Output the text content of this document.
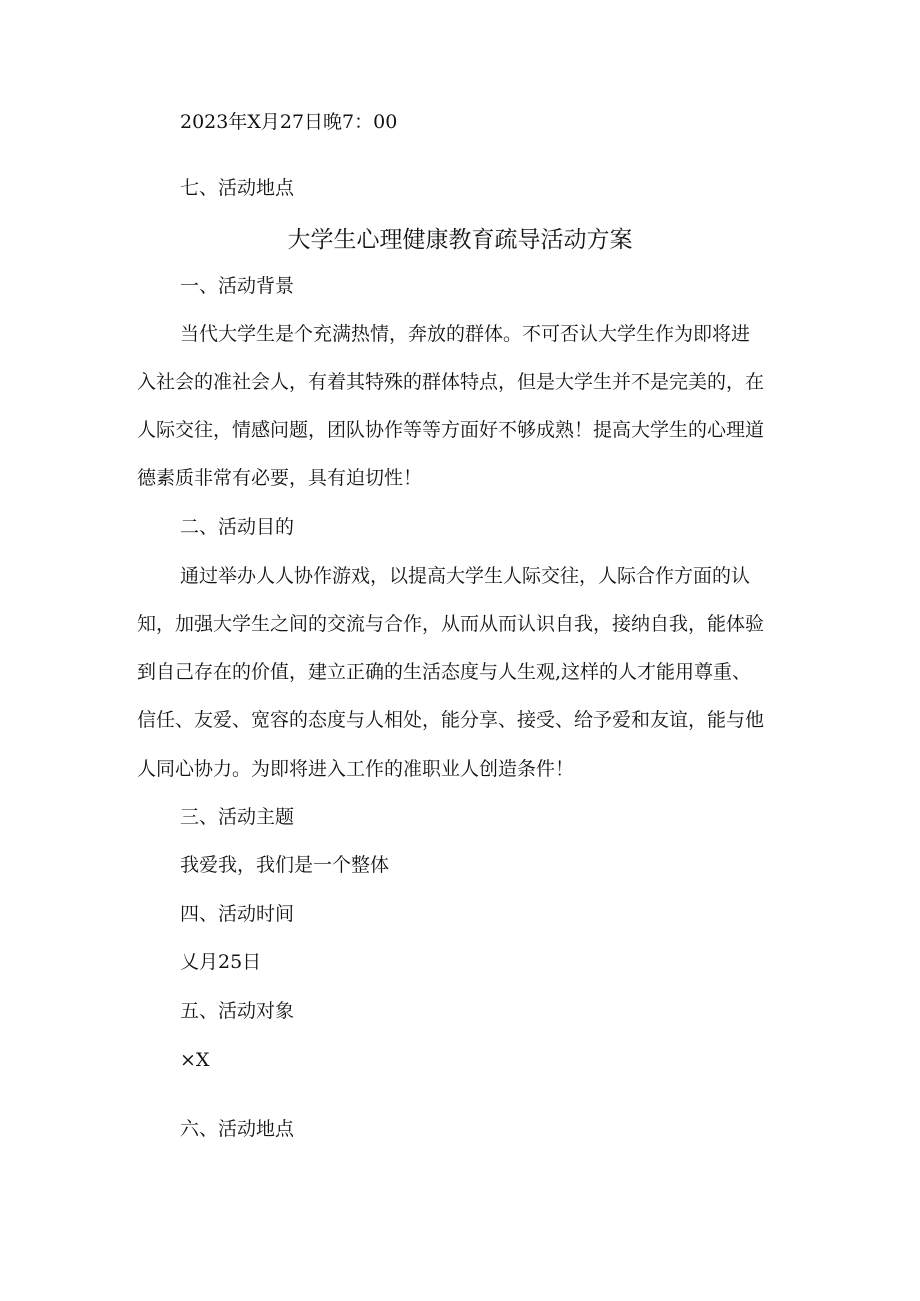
2023年X月27日晚7：00

七、活动地点

大学生心理健康教育疏导活动方案

一、活动背景

当代大学生是个充满热情，奔放的群体。不可否认大学生作为即将进

入社会的准社会人，有着其特殊的群体特点，但是大学生并不是完美的，在

人际交往，情感问题，团队协作等等方面好不够成熟！提高大学生的心理道

德素质非常有必要，具有迫切性！

二、活动目的

通过举办人人协作游戏，以提高大学生人际交往，人际合作方面的认

知，加强大学生之间的交流与合作，从而从而认识自我，接纳自我，能体验

到自己存在的价值，建立正确的生活态度与人生观,这样的人才能用尊重、

信任、友爱、宽容的态度与人相处，能分享、接受、给予爱和友谊，能与他

人同心协力。为即将进入工作的准职业人创造条件！

三、活动主题

我爱我，我们是一个整体

四、活动时间

乂月25日

五、活动对象

×X

六、活动地点
